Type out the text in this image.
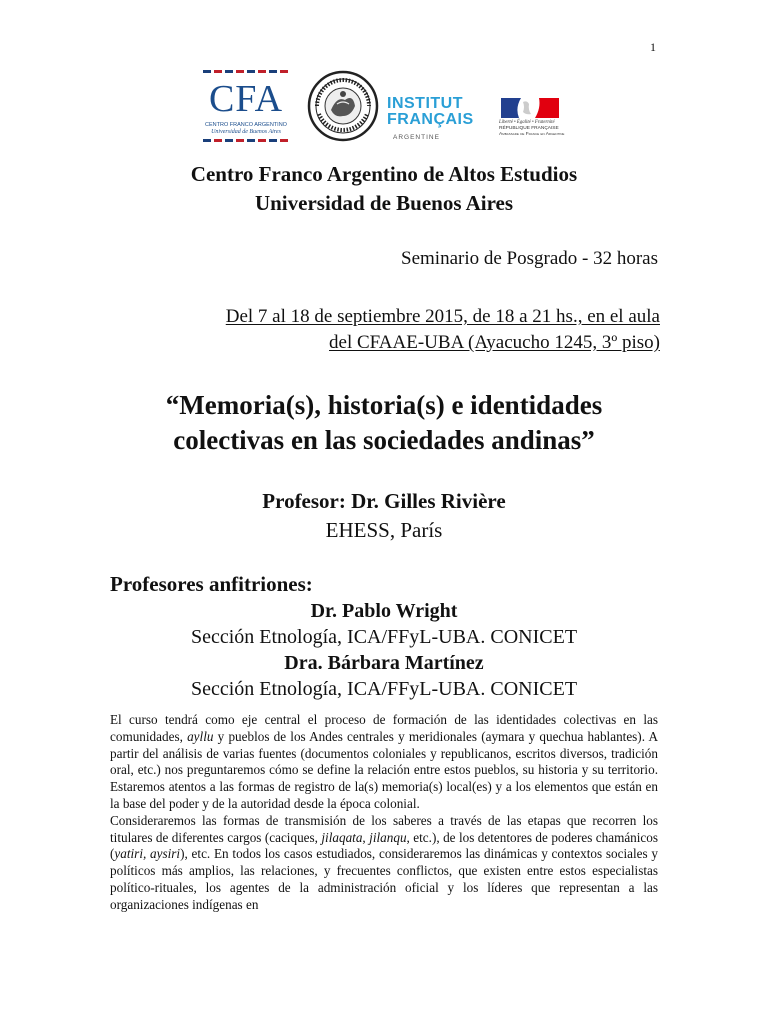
1
CFA
CENTRO FRANCO ARGENTINO
Universidad de Buenos Aires
INSTITUT
FRANÇAIS
ARGENTINE
Liberté • Égalité • Fraternité
RÉPUBLIQUE FRANÇAISE
Ambassade de France en Argentine
Centro Franco Argentino de Altos Estudios
Universidad de Buenos Aires
Seminario de Posgrado - 32 horas
Del 7 al 18 de septiembre 2015, de 18 a 21 hs., en el aula
del CFAAE-UBA (Ayacucho 1245, 3º piso)
“Memoria(s), historia(s) e identidades
colectivas en las sociedades andinas”
Profesor: Dr. Gilles Rivière
EHESS, París
Profesores anfitriones:
Dr. Pablo Wright
Sección Etnología, ICA/FFyL-UBA. CONICET
Dra. Bárbara Martínez
Sección Etnología, ICA/FFyL-UBA. CONICET

El curso tendrá como eje central el proceso de formación de las identidades colectivas en las comunidades, ayllu y pueblos de los Andes centrales y meridionales (aymara y quechua hablantes). A partir del análisis de varias fuentes (documentos coloniales y republicanos, escritos diversos, tradición oral, etc.) nos preguntaremos cómo se define la relación entre estos pueblos, su historia y su territorio. Estaremos atentos a las formas de registro de la(s) memoria(s) local(es) y a los elementos que están en la base del poder y de la autoridad desde la época colonial.

Consideraremos las formas de transmisión de los saberes a través de las etapas que recorren los titulares de diferentes cargos (caciques, jilaqata, jilanqu, etc.), de los detentores de poderes chamánicos (yatiri, aysiri), etc. En todos los casos estudiados, consideraremos las dinámicas y contextos sociales y políticos más amplios, las relaciones, y frecuentes conflictos, que existen entre estos especialistas político-rituales, los agentes de la administración oficial y los líderes que representan a las organizaciones indígenas en
